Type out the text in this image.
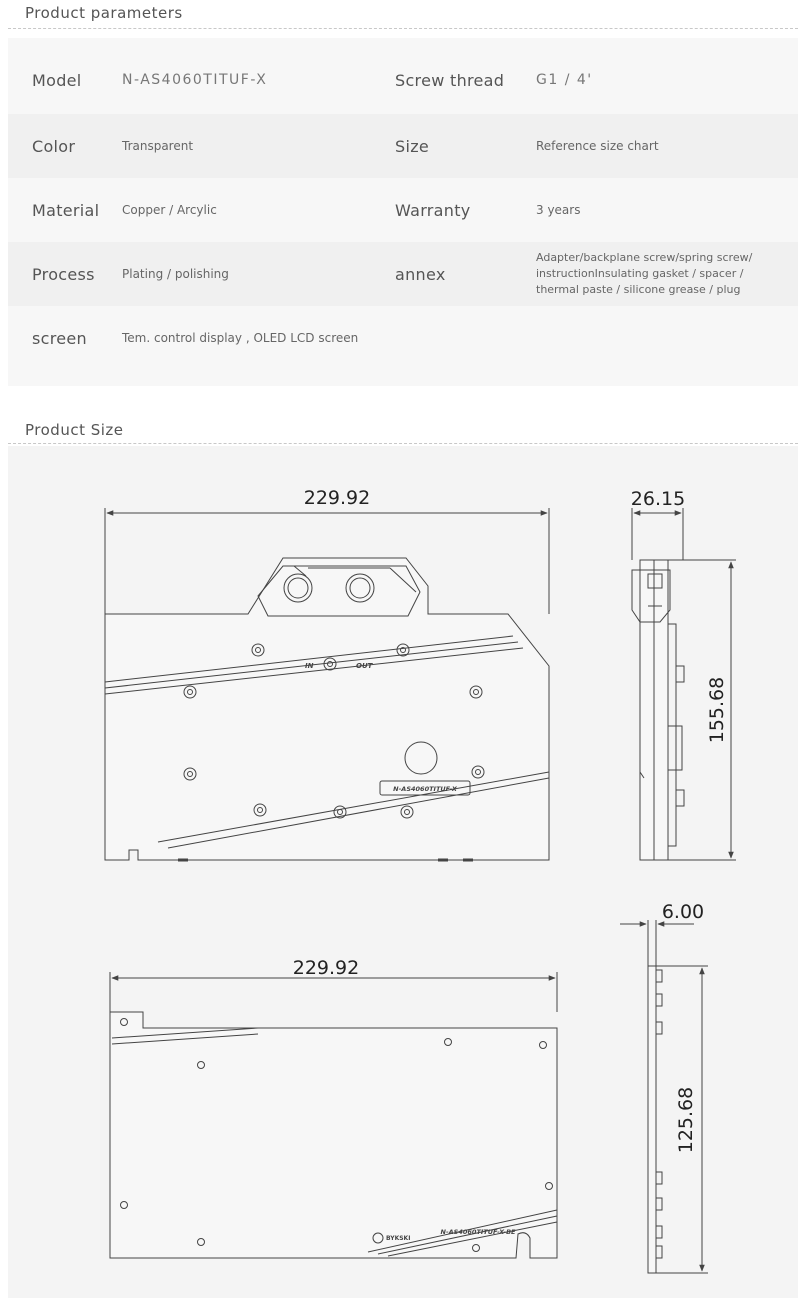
Product parameters
Model	N-AS4060TITUF-X	Screw thread G1 / 4'
Color	Transparent	Size	Reference size chart
Material Copper / Arcylic	Warranty	3 years
Process Plating / polishing	annex
Adapter/backplane screw/spring screw/ instructionInsulating gasket / spacer / thermal paste / silicone grease / plug
screen	Tem. control display , OLED LCD screen
Product Size
229.92
IN	OUT
N-AS4060TITUF-X
26.15
155.68
229.92
BYKSKI
N-AS4060TITUF-X-BE
6.00
125.68
